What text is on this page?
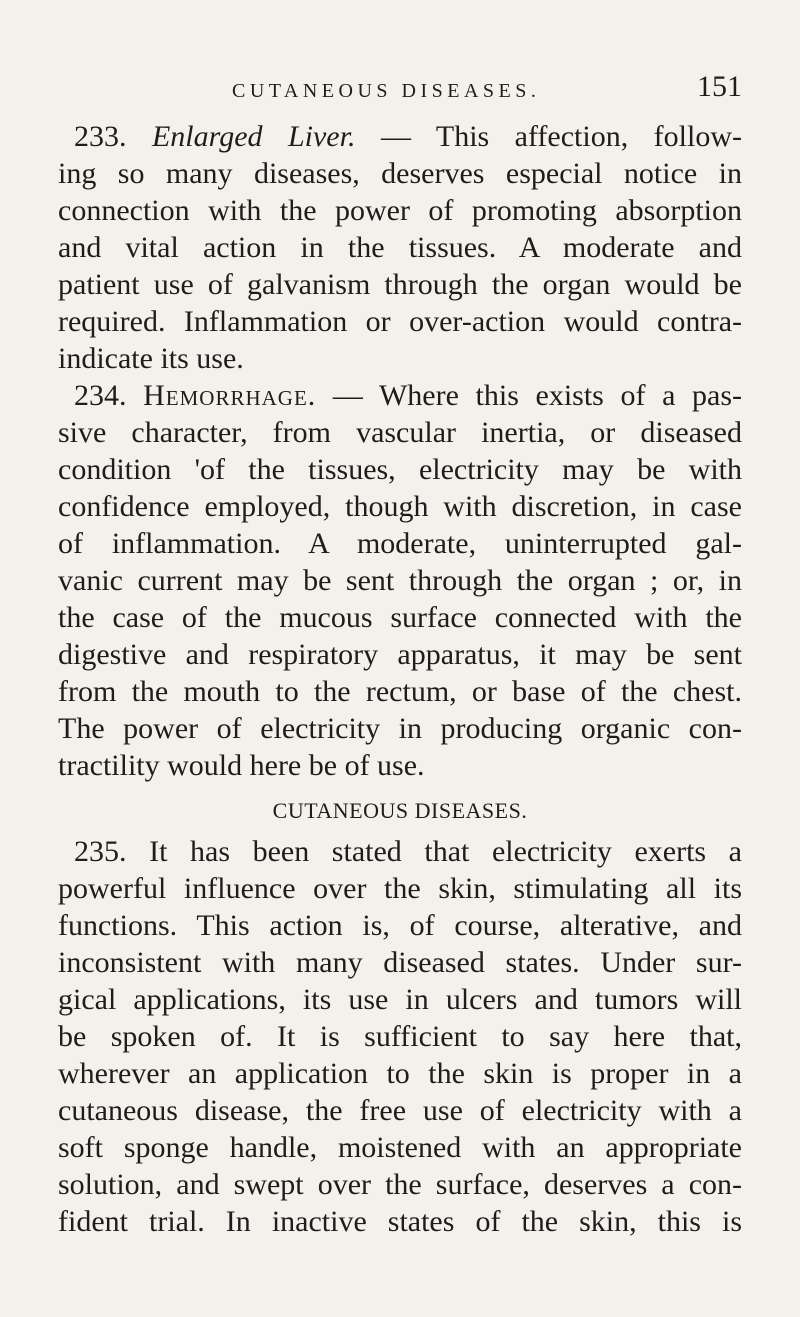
CUTANEOUS DISEASES.	151
233. Enlarged Liver. — This affection, follow-
ing so many diseases, deserves especial notice in
connection with the power of promoting absorption
and vital action in the tissues. A moderate and
patient use of galvanism through the organ would be
required. Inflammation or over-action would contra-
indicate its use.
234. Hemorrhage. — Where this exists of a pas-
sive character, from vascular inertia, or diseased
condition 'of the tissues, electricity may be with
confidence employed, though with discretion, in case
of inflammation. A moderate, uninterrupted gal-
vanic current may be sent through the organ ; or, in
the case of the mucous surface connected with the
digestive and respiratory apparatus, it may be sent
from the mouth to the rectum, or base of the chest.
The power of electricity in producing organic con-
tractility would here be of use.
CUTANEOUS DISEASES.
235. It has been stated that electricity exerts a
powerful influence over the skin, stimulating all its
functions. This action is, of course, alterative, and
inconsistent with many diseased states. Under sur-
gical applications, its use in ulcers and tumors will
be spoken of. It is sufficient to say here that,
wherever an application to the skin is proper in a
cutaneous disease, the free use of electricity with a
soft sponge handle, moistened with an appropriate
solution, and swept over the surface, deserves a con-
fident trial. In inactive states of the skin, this is
